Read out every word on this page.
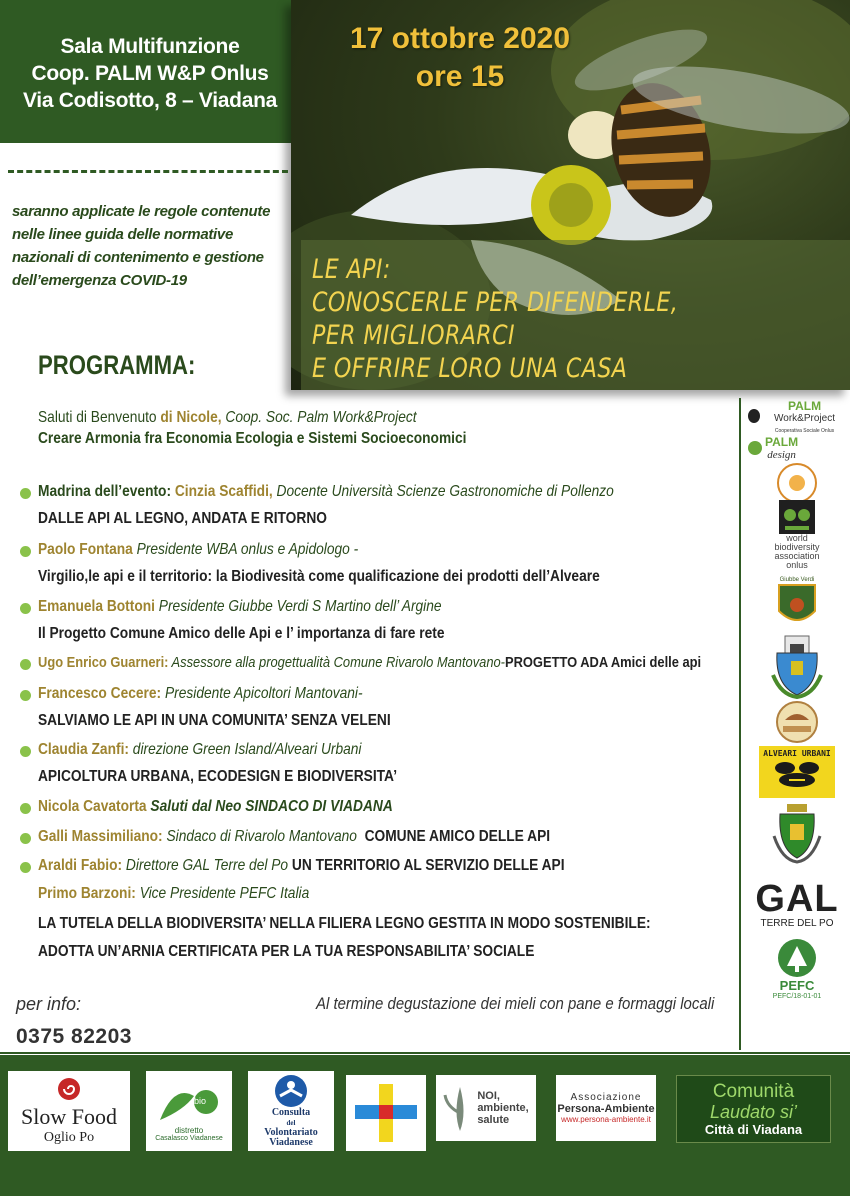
Sala Multifunzione
Coop. PALM W&P Onlus
Via Codisotto, 8 – Viadana
17 ottobre 2020
ore 15
LE API:
CONOSCERLE PER DIFENDERLE,
PER MIGLIORARCI
E OFFRIRE LORO UNA CASA
saranno applicate le regole contenute nelle linee guida delle normative nazionali di contenimento e gestione dell’emergenza COVID-19
PROGRAMMA:
Saluti di Benvenuto di Nicole, Coop. Soc. Palm Work&Project
Creare Armonia fra Economia Ecologia e Sistemi Socioeconomici
Madrina dell’evento: Cinzia Scaffidi, Docente Università Scienze Gastronomiche di Pollenzo
DALLE API AL LEGNO, ANDATA E RITORNO
Paolo Fontana Presidente WBA onlus e Apidologo -
Virgilio,le api e il territorio: la Biodivesità come qualificazione dei prodotti dell’Alveare
Emanuela Bottoni Presidente Giubbe Verdi S Martino dell’ Argine
Il Progetto Comune Amico delle Api e l’ importanza di fare rete
Ugo Enrico Guarneri: Assessore alla progettualità Comune Rivarolo Mantovano-PROGETTO ADA Amici delle api
Francesco Cecere: Presidente Apicoltori Mantovani-
SALVIAMO LE API IN UNA COMUNITA’ SENZA VELENI
Claudia Zanfi: direzione Green Island/Alveari Urbani
APICOLTURA URBANA, ECODESIGN E BIODIVERSITA’
Nicola Cavatorta Saluti dal Neo SINDACO DI VIADANA
Galli Massimiliano: Sindaco di Rivarolo Mantovano COMUNE AMICO DELLE API
Araldi Fabio: Direttore GAL Terre del Po UN TERRITORIO AL SERVIZIO DELLE API
Primo Barzoni: Vice Presidente PEFC Italia
LA TUTELA DELLA BIODIVERSITA’ NELLA FILIERA LEGNO GESTITA IN MODO SOSTENIBILE:
ADOTTA UN’ARNIA CERTIFICATA PER LA TUA RESPONSABILITA’ SOCIALE
per info:
0375 82203
Al termine degustazione dei mieli con pane e formaggi locali
PALM Work&Project
Cooperativa Sociale Onlus
PALM
design
world
biodiversity
association
onlus
Giubbe Verdi
ALVEARI URBANI
GAL
TERRE DEL PO
PEFC
PEFC/18-01-01
Slow Food
Oglio Po
bio
distretto
Casalasco Viadanese
Consulta
del
Volontariato
Viadanese
NOI,
ambiente,
salute
Associazione
Persona-Ambiente
www.persona-ambiente.it
Comunità
Laudato si’
Città di Viadana
